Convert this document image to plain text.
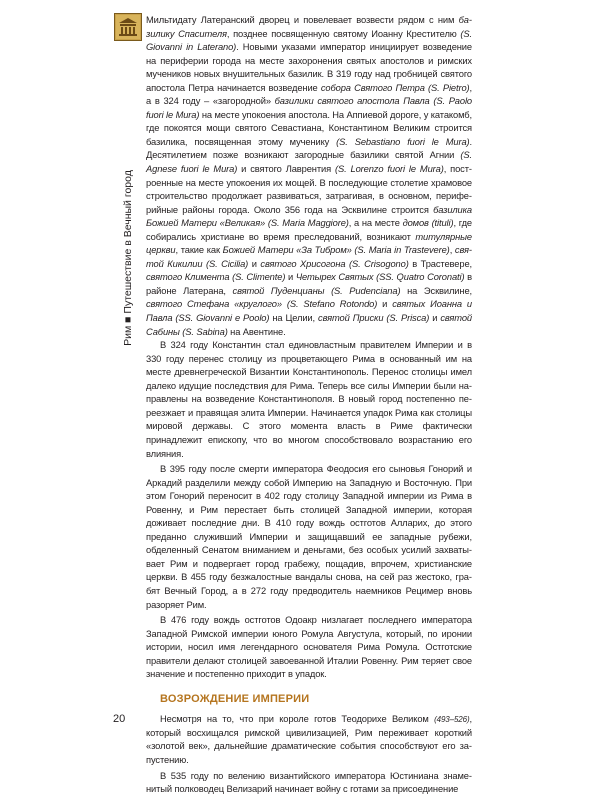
Рим ■ Путешествие в Вечный город
20

Мильтидату Латеранский дворец и повелевает возвести рядом с ним базилику Спасителя, позднее посвященную святому Иоанну Крестителю (S. Giovanni in Laterano). Новыми указами император инициирует возведение на периферии города на месте захоронения святых апостолов и римских мучеников новых внушительных базилик. В 319 году над гробницей святого апостола Петра начинается возведение собора Святого Петра (S. Pietro), а в 324 году – «загородной» базилики святого апостола Павла (S. Paolo fuori le Mura) на месте упокоения апостола. На Аппиевой дороге, у катакомб, где покоятся мощи святого Севастиана, Константином Великим строится базилика, посвященная этому мученику (S. Sebastiano fuori le Mura). Десятилетием позже возникают загородные базилики святой Агнии (S. Agnese fuori le Mura) и святого Лаврентия (S. Lorenzo fuori le Mura), построенные на месте упокоения их мощей. В последующие столетие храмовое строительство продолжает развиваться, затрагивая, в основном, периферийные районы города. Около 356 года на Эсквилине строится базилика Божией Матери «Великая» (S. Maria Maggiore), а на месте домов (tituli), где собирались христиане во время преследований, возникают титулярные церкви, такие как Божией Матери «За Тибром» (S. Maria in Trastevere), святой Кикилии (S. Cicilia) и святого Хрисогона (S. Crisogono) в Трастевере, святого Климента (S. Climente) и Четырех Святых (SS. Quatro Coronati) в районе Латерана, святой Пуденцианы (S. Pudenciana) на Эсквилине, святого Стефана «круглого» (S. Stefano Rotondo) и святых Иоанна и Павла (SS. Giovanni e Poolo) на Целии, святой Приски (S. Prisca) и святой Сабины (S. Sabina) на Авентине.

В 324 году Константин стал единовластным правителем Империи и в 330 году перенес столицу из процветающего Рима в основанный им на месте древнегреческой Византии Константинополь. Перенос столицы имел далеко идущие последствия для Рима. Теперь все силы Империи были направлены на возведение Константинополя. В новый город постепенно переезжает и правящая элита Империи. Начинается упадок Рима как столицы мировой державы. С этого момента власть в Риме фактически принадлежит епископу, что во многом способствовало возрастанию его влияния.

В 395 году после смерти императора Феодосия его сыновья Гонорий и Аркадий разделили между собой Империю на Западную и Восточную. При этом Гонорий переносит в 402 году столицу Западной империи из Рима в Ровенну, и Рим перестает быть столицей Западной империи, которая доживает последние дни. В 410 году вождь остготов Алларих, до этого преданно служивший Империи и защищавший ее западные рубежи, обделенный Сенатом вниманием и деньгами, без особых усилий захватывает Рим и подвергает город грабежу, пощадив, впрочем, христианские церкви. В 455 году безжалостные вандалы снова, на сей раз жестоко, грабят Вечный Город, а в 272 году предводитель наемников Рецимер вновь разоряет Рим.

В 476 году вождь остготов Одоакр низлагает последнего императора Западной Римской империи юного Ромула Августула, который, по иронии истории, носил имя легендарного основателя Рима Ромула. Остготские правители делают столицей завоеванной Италии Ровенну. Рим теряет свое значение и постепенно приходит в упадок.

ВОЗРОЖДЕНИЕ ИМПЕРИИ

Несмотря на то, что при короле готов Теодорихе Великом (493–526), который восхищался римской цивилизацией, Рим переживает короткий «золотой век», дальнейшие драматические события способствуют его запустению.

В 535 году по велению византийского императора Юстиниана знаменитый полководец Велизарий начинает войну с готами за присоединение
